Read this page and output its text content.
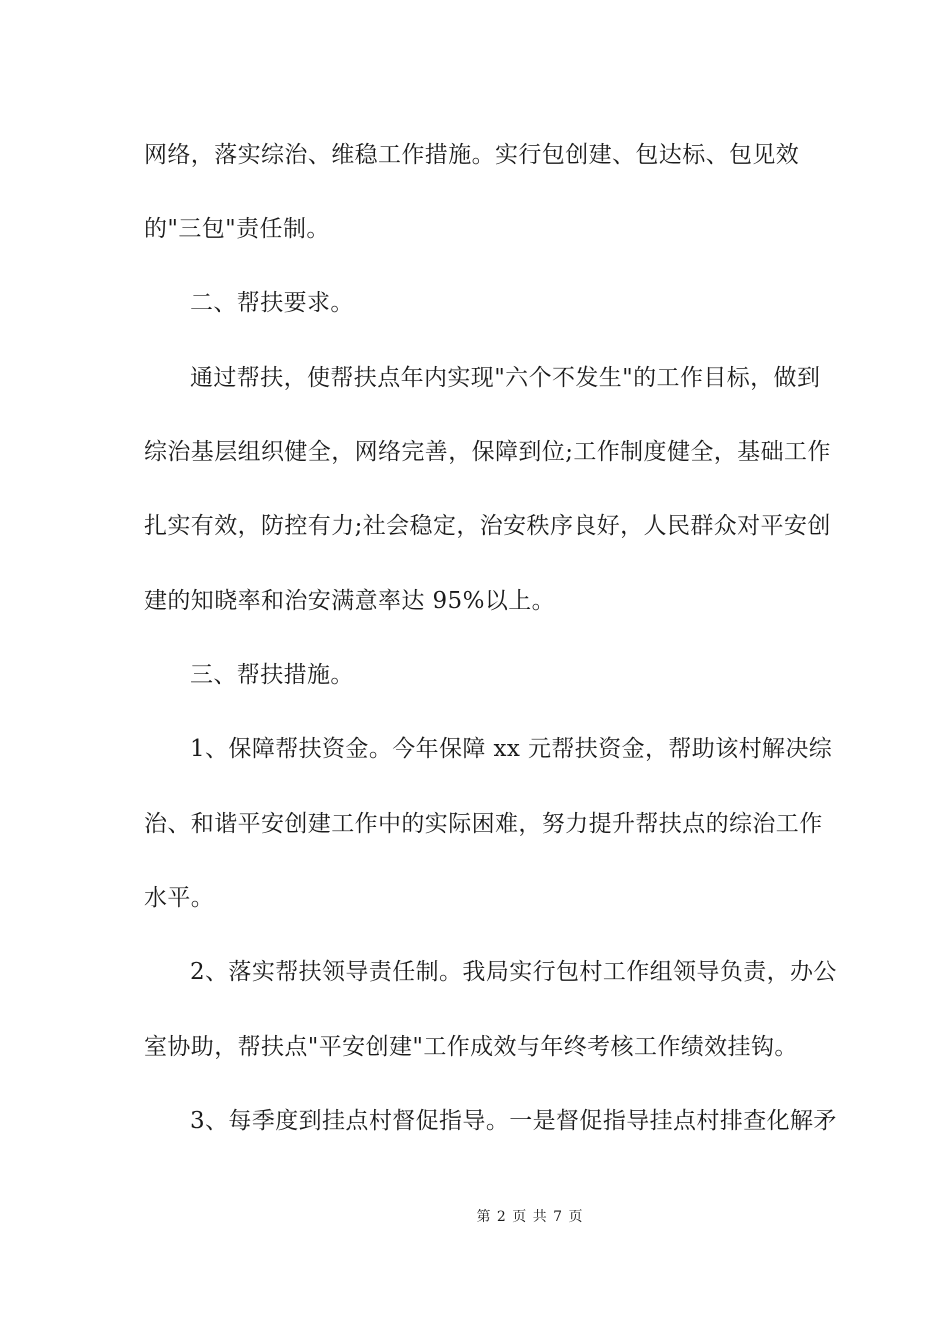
网络，落实综治、维稳工作措施。实行包创建、包达标、包见效
的"三包"责任制。
二、帮扶要求。
通过帮扶，使帮扶点年内实现"六个不发生"的工作目标，做到
综治基层组织健全，网络完善，保障到位;工作制度健全，基础工作
扎实有效，防控有力;社会稳定，治安秩序良好，人民群众对平安创
建的知晓率和治安满意率达 95%以上。
三、帮扶措施。
1、保障帮扶资金。今年保障 xx 元帮扶资金，帮助该村解决综
治、和谐平安创建工作中的实际困难，努力提升帮扶点的综治工作
水平。
2、落实帮扶领导责任制。我局实行包村工作组领导负责，办公
室协助，帮扶点"平安创建"工作成效与年终考核工作绩效挂钩。
3、每季度到挂点村督促指导。一是督促指导挂点村排查化解矛
第 2 页 共 7 页
